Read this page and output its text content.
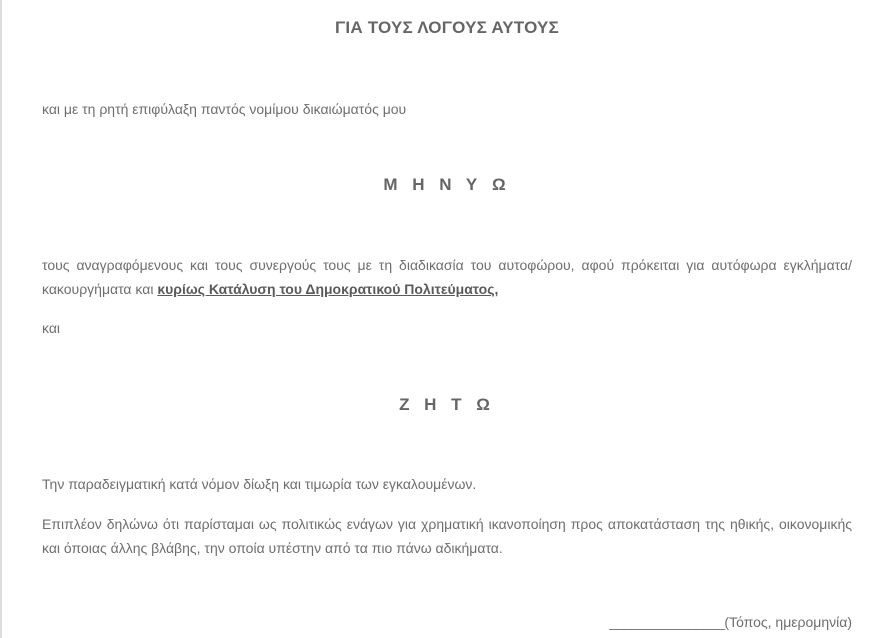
ΓΙΑ ΤΟΥΣ ΛΟΓΟΥΣ ΑΥΤΟΥΣ
και με τη ρητή επιφύλαξη παντός νομίμου δικαιώματός μου
Μ Η Ν Υ Ω
τους αναγραφόμενους και τους συνεργούς τους με τη διαδικασία του αυτοφώρου, αφού πρόκειται για αυτόφωρα εγκλήματα/κακουργήματα και κυρίως Κατάλυση του Δημοκρατικού Πολιτεύματος,
και
Ζ Η Τ Ω
Την παραδειγματική κατά νόμον δίωξη και τιμωρία των εγκαλουμένων.
Επιπλέον δηλώνω ότι παρίσταμαι ως πολιτικώς ενάγων για χρηματική ικανοποίηση προς αποκατάσταση της ηθικής, οικονομικής και όποιας άλλης βλάβης, την οποία υπέστην από τα πιο πάνω αδικήματα.
________________(Τόπος, ημερομηνία)
